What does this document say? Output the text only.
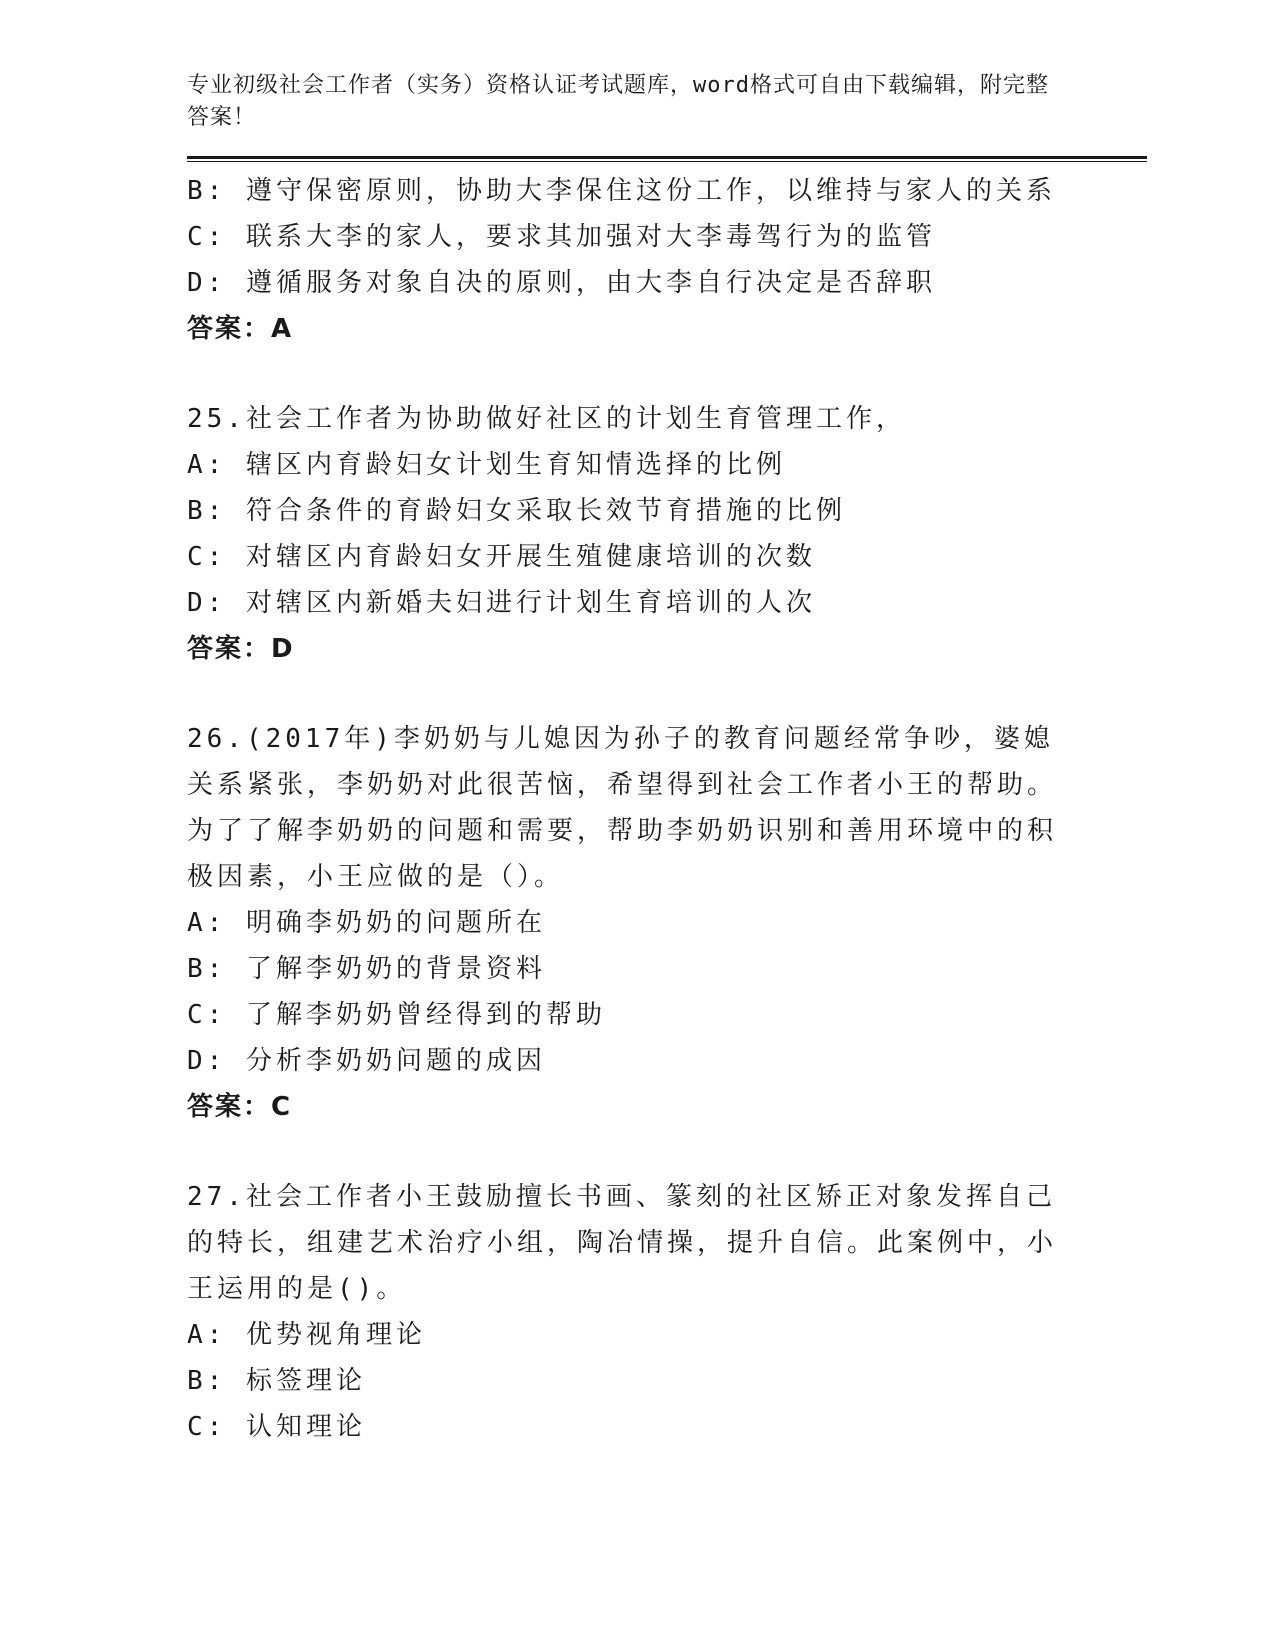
专业初级社会工作者（实务）资格认证考试题库，word格式可自由下载编辑，附完整答案！
B: 遵守保密原则，协助大李保住这份工作，以维持与家人的关系
C: 联系大李的家人，要求其加强对大李毒驾行为的监管
D: 遵循服务对象自决的原则，由大李自行决定是否辞职
答案：A
25.社会工作者为协助做好社区的计划生育管理工作，
A: 辖区内育龄妇女计划生育知情选择的比例
B: 符合条件的育龄妇女采取长效节育措施的比例
C: 对辖区内育龄妇女开展生殖健康培训的次数
D: 对辖区内新婚夫妇进行计划生育培训的人次
答案：D
26.(2017年)李奶奶与儿媳因为孙子的教育问题经常争吵，婆媳关系紧张，李奶奶对此很苦恼，希望得到社会工作者小王的帮助。为了了解李奶奶的问题和需要，帮助李奶奶识别和善用环境中的积极因素，小王应做的是（）。
A: 明确李奶奶的问题所在
B: 了解李奶奶的背景资料
C: 了解李奶奶曾经得到的帮助
D: 分析李奶奶问题的成因
答案：C
27.社会工作者小王鼓励擅长书画、篆刻的社区矫正对象发挥自己的特长，组建艺术治疗小组，陶冶情操，提升自信。此案例中，小王运用的是()。
A: 优势视角理论
B: 标签理论
C: 认知理论
